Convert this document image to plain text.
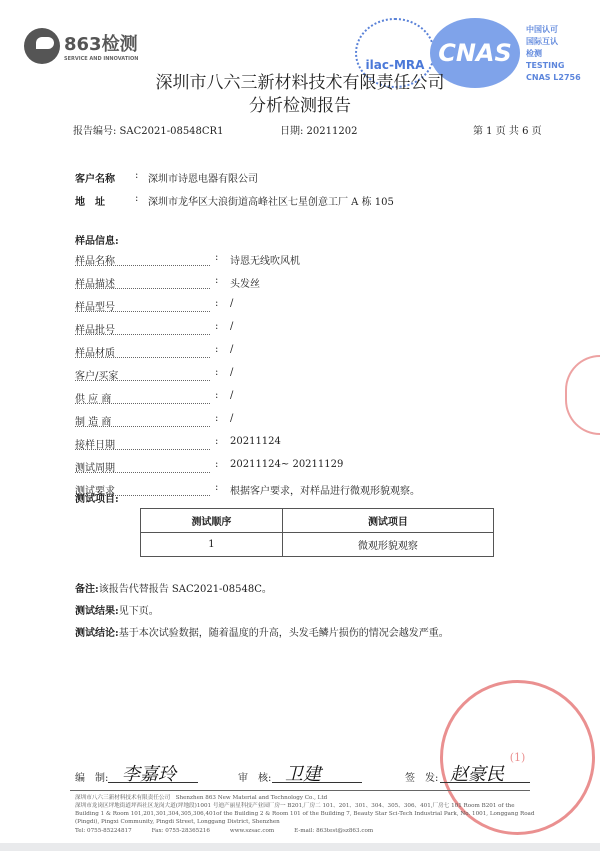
863检测
SERVICE AND INNOVATION	ilac-MRA CNAS
中国认可
国际互认
检测
TESTING
CNAS L2756
深圳市八六三新材料技术有限责任公司
分析检测报告
报告编号: SAC2021-08548CR1	日期: 20211202	第 1 页 共 6 页
客户名称 : 深圳市诗恩电器有限公司
地　址	: 深圳市龙华区大浪街道高峰社区七星创意工厂 A 栋 105
样品信息:
样品名称	: 诗恩无线吹风机
样品描述	: 头发丝
样品型号	: /
样品批号	: /
样品材质	: /
客户/买家	: /
供 应 商	: /
制 造 商	: /
接样日期	: 20211124
测试周期	: 20211124~ 20211129
测试要求	: 根据客户要求，对样品进行微观形貌观察。
测试项目:
测试顺序	测试项目
1	微观形貌观察
备注:该报告代替报告 SAC2021-08548C。
测试结果:见下页。
测试结论:基于本次试验数据，随着温度的升高，头发毛鳞片损伤的情况会越发严重。
(1)
编　制: 李嘉玲	审　核: 卫建	签　发: 赵豪民
深圳市八六三新材料技术有限责任公司　Shenzhen 863 New Material and Technology Co., Ltd
深圳市龙岗区坪地街道坪西社区龙岗大道(坪地段)1001 号迪产丽星科技产业园厂房一 B201,厂房二 101、201、301、304、305、306、401,厂房七 101 Room B201 of the Building 1 & Room 101,201,301,304,305,306,401of the Building 2 & Room 101 of the Building 7, Beauty Star Sci-Tech Industrial Park, No. 1001, Longgang Road (Pingdi), Pingxi Community, Pingdi Street, Longgang District, Shenzhen
Tel: 0755-85224817	Fax: 0755-28365216	www.szsac.com	E-mail: 863test@sz863.com
